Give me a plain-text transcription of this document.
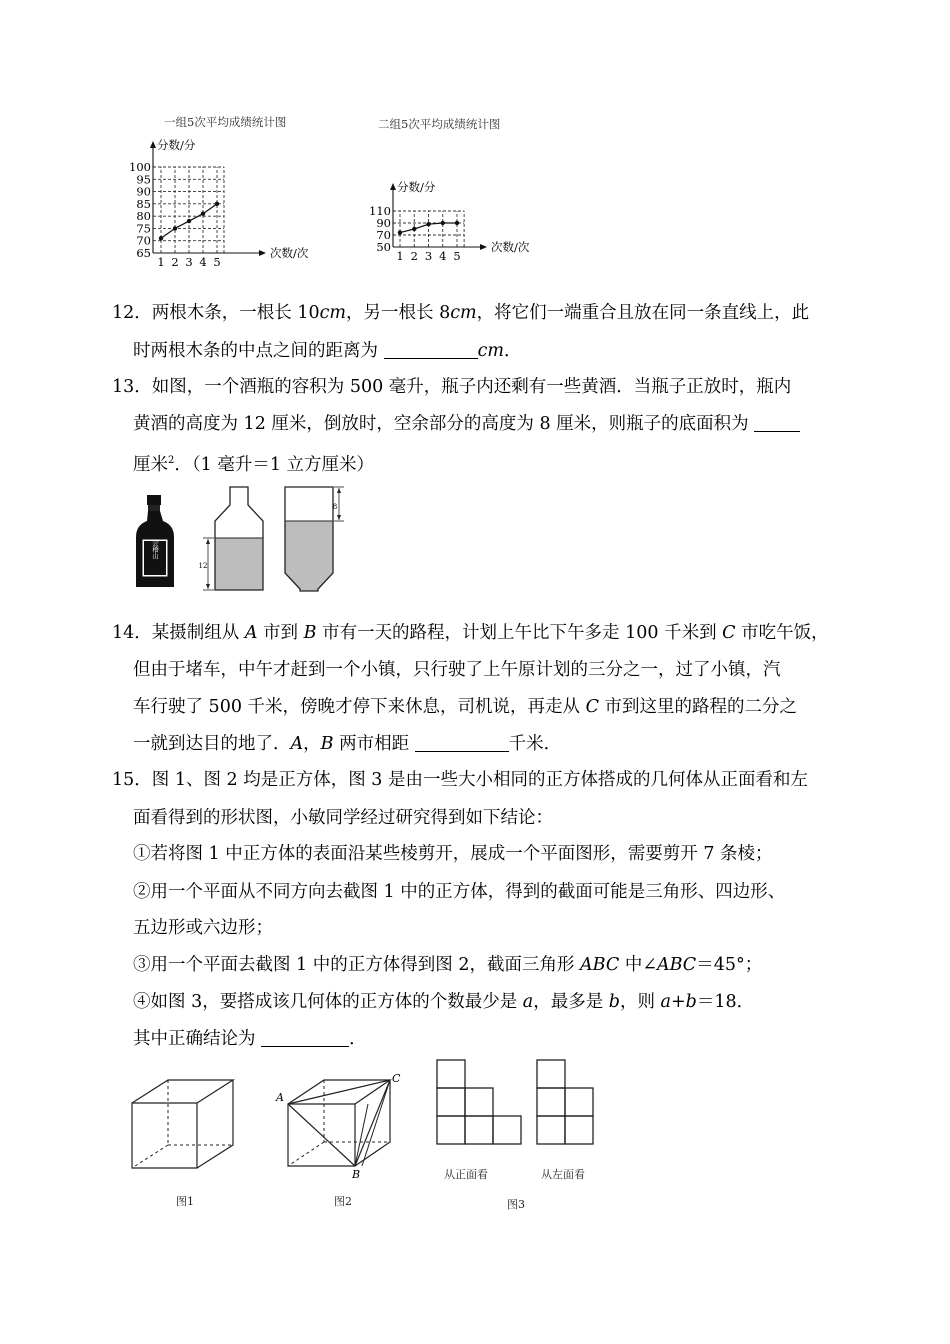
一组5次平均成绩统计图	二组5次平均成绩统计图
65
70
75
80
85
90
95
100
1 2 3 4 5
分数/分
次数/次	50
70
90
110
1 2 3 4 5
分数/分
次数/次
12．两根木条，一根长 10cm，另一根长 8cm，将它们一端重合且放在同一条直线上，此
时两根木条的中点之间的距离为	cm．
13．如图，一个酒瓶的容积为 500 毫升，瓶子内还剩有一些黄酒．当瓶子正放时，瓶内
黄酒的高度为 12 厘米，倒放时，空余部分的高度为 8 厘米，则瓶子的底面积为
厘米$^2$．（1 毫升＝1 立方厘米）
会稽山
12
8
14．某摄制组从 A 市到 B 市有一天的路程，计划上午比下午多走 100 千米到 C 市吃午饭，
但由于堵车，中午才赶到一个小镇，只行驶了上午原计划的三分之一，过了小镇，汽
车行驶了 500 千米，傍晚才停下来休息，司机说，再走从 C 市到这里的路程的二分之
一就到达目的地了．A，B 两市相距	千米．
15．图 1、图 2 均是正方体，图 3 是由一些大小相同的正方体搭成的几何体从正面看和左
面看得到的形状图，小敏同学经过研究得到如下结论：
①若将图 1 中正方体的表面沿某些棱剪开，展成一个平面图形，需要剪开 7 条棱；
②用一个平面从不同方向去截图 1 中的正方体，得到的截面可能是三角形、四边形、
五边形或六边形；
③用一个平面去截图 1 中的正方体得到图 2，截面三角形 ABC 中∠ABC＝45°；
④如图 3，要搭成该几何体的正方体的个数最少是 a，最多是 b，则 a+b＝18．
其中正确结论为	．
图1
A
B
C
图2
从正面看	从左面看
图3
